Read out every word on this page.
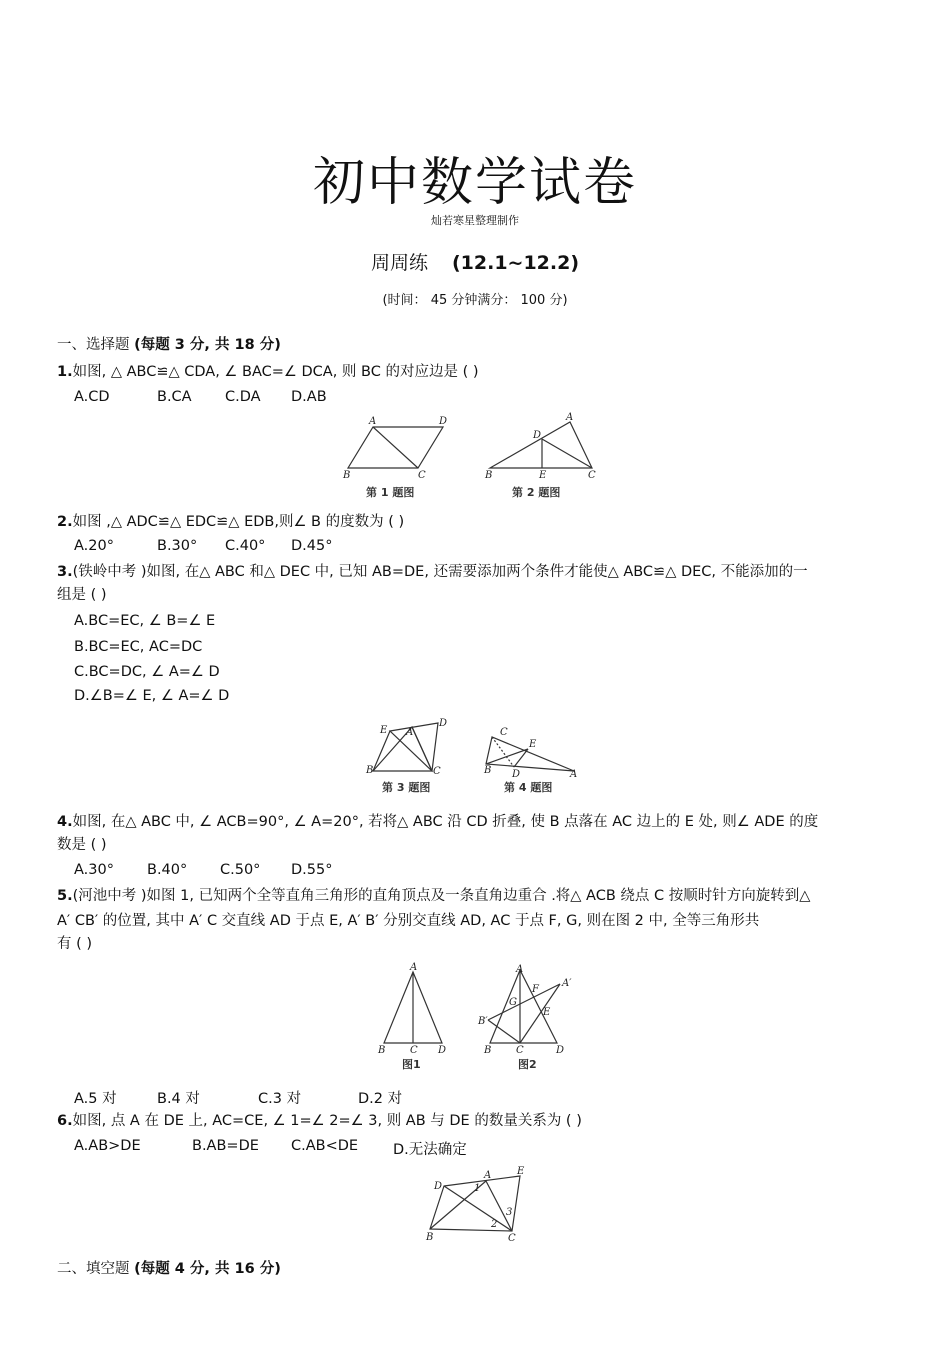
初中数学试卷
灿若寒星整理制作
周周练 (12.1~12.2)
(时间： 45 分钟满分： 100 分)
一、选择题 (每题 3 分, 共 18 分)
1.如图, △ ABC≌△ CDA, ∠ BAC=∠ DCA, 则 BC 的对应边是 ( )
A.CD	B.CA C.DA D.AB
A	D
B	C
第 1 题图
A
D
B	E	C
第 2 题图
2.如图 ,△ ADC≌△ EDC≌△ EDB,则∠ B 的度数为 ( )
A.20°	B.30° C.40° D.45°
3.(铁岭中考 )如图, 在△ ABC 和△ DEC 中, 已知 AB=DE, 还需要添加两个条件才能使△ ABC≌△ DEC, 不能添加的一
组是 ( )
A.BC=EC, ∠ B=∠ E
B.BC=EC, AC=DC
C.BC=DC, ∠ A=∠ D
D.∠B=∠ E, ∠ A=∠ D
E A
D
B	C
第 3 题图
C
E
B D	A
第 4 题图
4.如图, 在△ ABC 中, ∠ ACB=90°, ∠ A=20°, 若将△ ABC 沿 CD 折叠, 使 B 点落在 AC 边上的 E 处, 则∠ ADE 的度
数是 ( )
A.30° B.40° C.50° D.55°
5.(河池中考 )如图 1, 已知两个全等直角三角形的直角顶点及一条直角边重合 .将△ ACB 绕点 C 按顺时针方向旋转到△
A′ CB′ 的位置, 其中 A′ C 交直线 AD 于点 E, A′ B′ 分别交直线 AD, AC 于点 F, G, 则在图 2 中, 全等三角形共
有 ( )
A
B C D
图1
A
A′
F
G
E
B′
B C	D
图2
A.5 对	B.4 对	C.3 对	D.2 对
6.如图, 点 A 在 DE 上, AC=CE, ∠ 1=∠ 2=∠ 3, 则 AB 与 DE 的数量关系为 ( )
A.AB>DE	B.AB=DE C.AB<DE D.无法确定
D
A	E
1
2
3
B	C
二、填空题 (每题 4 分, 共 16 分)
